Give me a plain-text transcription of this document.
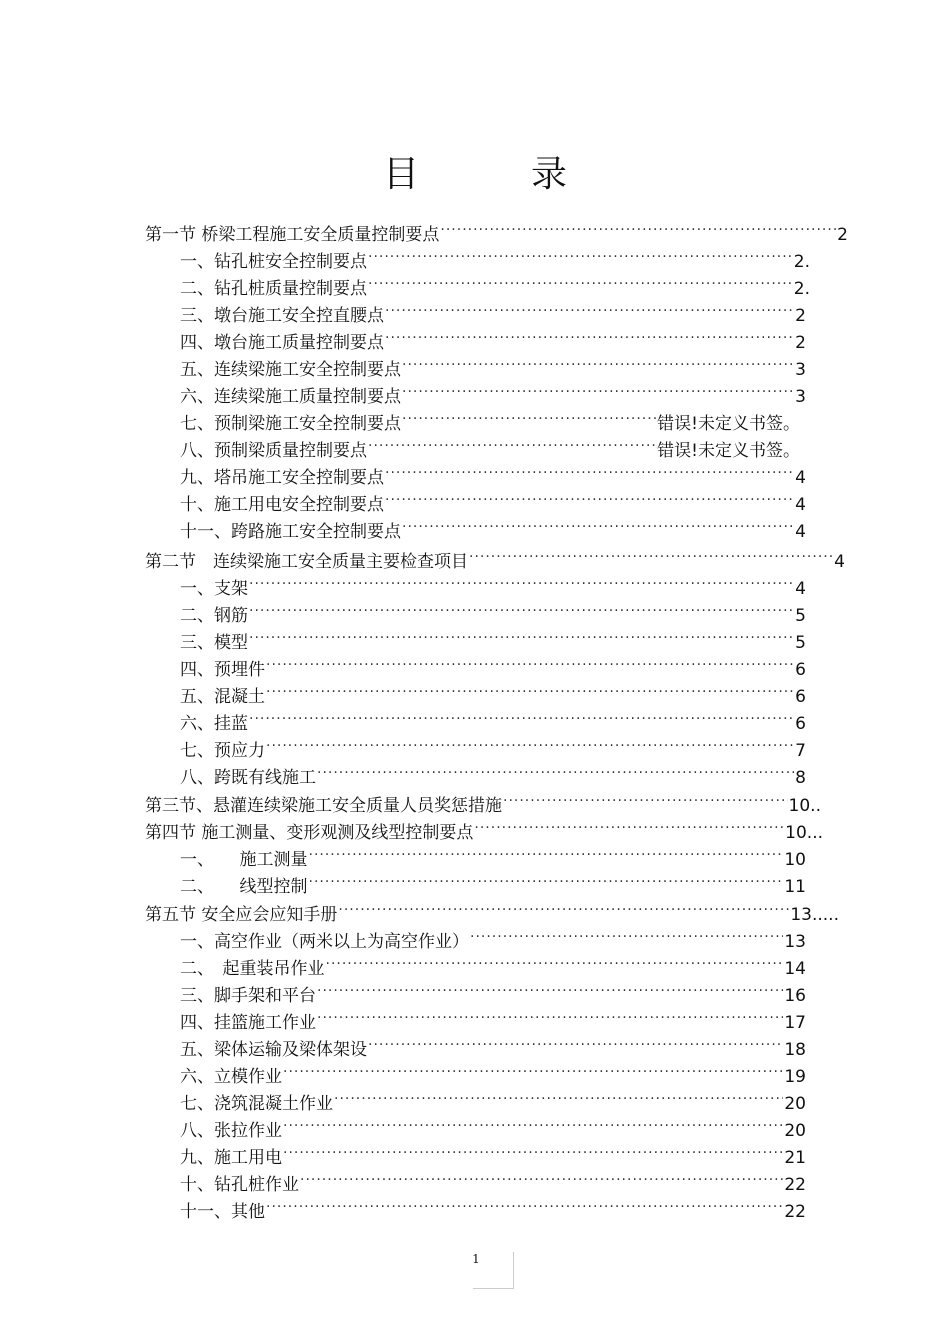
目　录
第一节 桥梁工程施工安全质量控制要点 .....	2
一、钻孔桩安全控制要点 .....	2.
二、钻孔桩质量控制要点 .....	2.
三、墩台施工安全控直腰点 .....	2
四、墩台施工质量控制要点 .....	2
五、连续梁施工安全控制要点 .....	3
六、连续梁施工质量控制要点 .....	3
七、预制梁施工安全控制要点 .....	错误!未定义书签。
八、预制梁质量控制要点 .....	错误!未定义书签。
九、塔吊施工安全控制要点 .....	4
十、施工用电安全控制要点 .....	4
十一、跨路施工安全控制要点 .....	4
第二节　连续梁施工安全质量主要检查项目 .....	4
一、支架 .....	4
二、钢筋 .....	5
三、模型 .....	5
四、预埋件 .....	6
五、混凝土 .....	6
六、挂蓝 .....	6
七、预应力 .....	7
八、跨既有线施工 .....	8
第三节、悬灌连续梁施工安全质量人员奖惩措施 .....	10..
第四节 施工测量、变形观测及线型控制要点 .....	10...
一、　　施工测量 .....	10
二、　　线型控制 .....	11
第五节 安全应会应知手册 .....	13.....
一、高空作业（两米以上为高空作业） .....	13
二、　起重装吊作业 .....	14
三、脚手架和平台 .....	16
四、挂篮施工作业 .....	17
五、梁体运输及梁体架设 .....	18
六、立模作业 .....	19
七、浇筑混凝土作业 .....	20
八、张拉作业 .....	20
九、施工用电 .....	21
十、钻孔桩作业 .....	22
十一、其他 .....	22
1
